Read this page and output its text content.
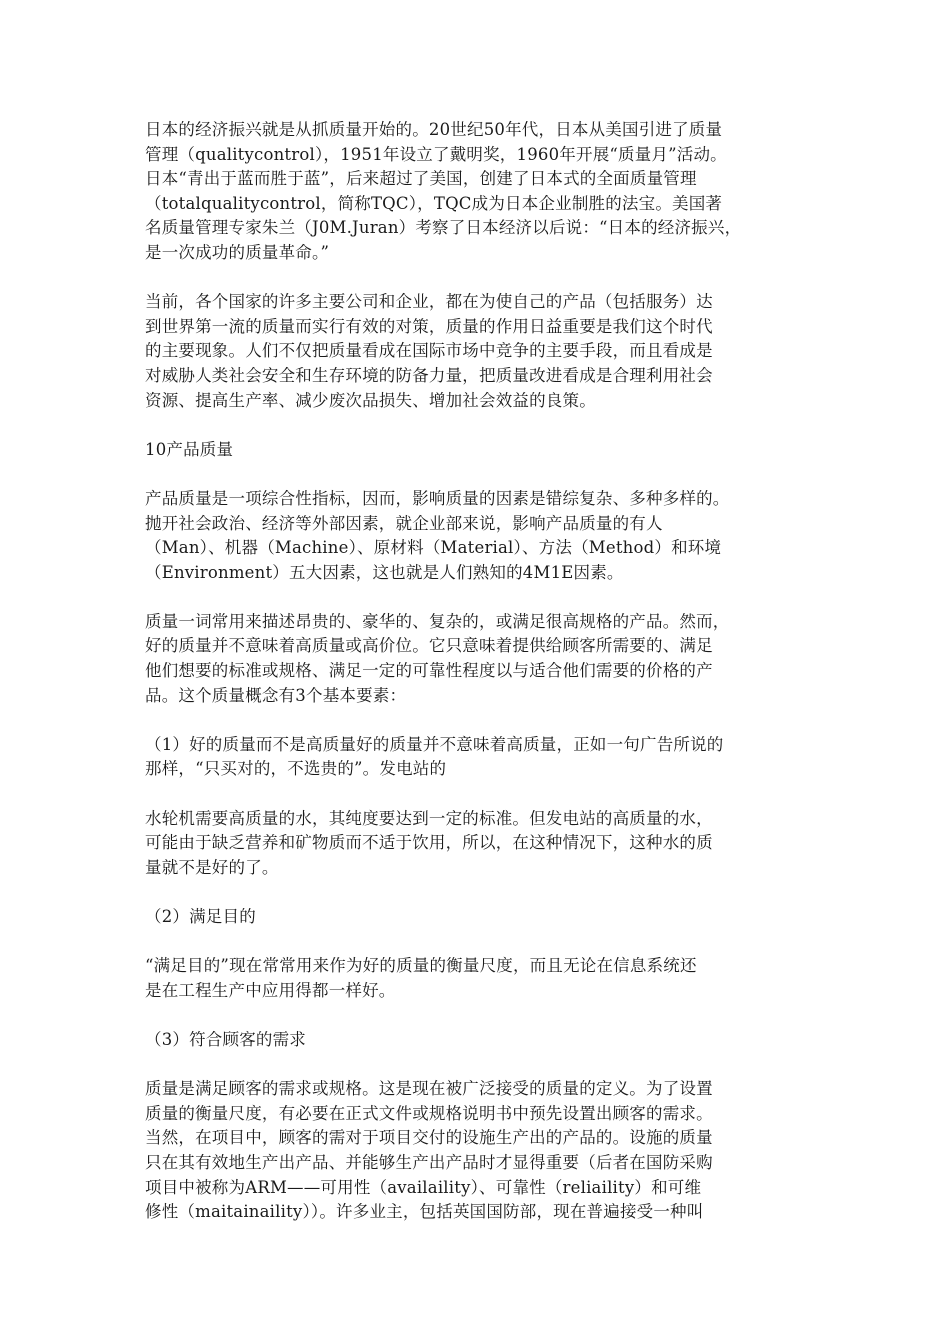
日本的经济振兴就是从抓质量开始的。20世纪50年代，日本从美国引进了质量
管理（qualitycontrol），1951年设立了戴明奖，1960年开展“质量月”活动。
日本“青出于蓝而胜于蓝”，后来超过了美国，创建了日本式的全面质量管理
（totalqualitycontrol，简称TQC），TQC成为日本企业制胜的法宝。美国著
名质量管理专家朱兰（J0M.Juran）考察了日本经济以后说：“日本的经济振兴，
是一次成功的质量革命。”
当前，各个国家的许多主要公司和企业，都在为使自己的产品（包括服务）达
到世界第一流的质量而实行有效的对策，质量的作用日益重要是我们这个时代
的主要现象。人们不仅把质量看成在国际市场中竞争的主要手段，而且看成是
对威胁人类社会安全和生存环境的防备力量，把质量改进看成是合理利用社会
资源、提高生产率、减少废次品损失、增加社会效益的良策。
10产品质量
产品质量是一项综合性指标，因而，影响质量的因素是错综复杂、多种多样的。
抛开社会政治、经济等外部因素，就企业部来说，影响产品质量的有人
（Man）、机器（Machine）、原材料（Material）、方法（Method）和环境
（Environment）五大因素，这也就是人们熟知的4M1E因素。
质量一词常用来描述昂贵的、豪华的、复杂的，或满足很高规格的产品。然而，
好的质量并不意味着高质量或高价位。它只意味着提供给顾客所需要的、满足
他们想要的标准或规格、满足一定的可靠性程度以与适合他们需要的价格的产
品。这个质量概念有3个基本要素：
（1）好的质量而不是高质量好的质量并不意味着高质量，正如一句广告所说的
那样，“只买对的，不选贵的”。发电站的
水轮机需要高质量的水，其纯度要达到一定的标准。但发电站的高质量的水，
可能由于缺乏营养和矿物质而不适于饮用，所以，在这种情况下，这种水的质
量就不是好的了。
（2）满足目的
“满足目的”现在常常用来作为好的质量的衡量尺度，而且无论在信息系统还
是在工程生产中应用得都一样好。
（3）符合顾客的需求
质量是满足顾客的需求或规格。这是现在被广泛接受的质量的定义。为了设置
质量的衡量尺度，有必要在正式文件或规格说明书中预先设置出顾客的需求。
当然，在项目中，顾客的需对于项目交付的设施生产出的产品的。设施的质量
只在其有效地生产出产品、并能够生产出产品时才显得重要（后者在国防采购
项目中被称为ARM——可用性（availaility）、可靠性（reliaility）和可维
修性（maitainaility））。许多业主，包括英国国防部，现在普遍接受一种叫
